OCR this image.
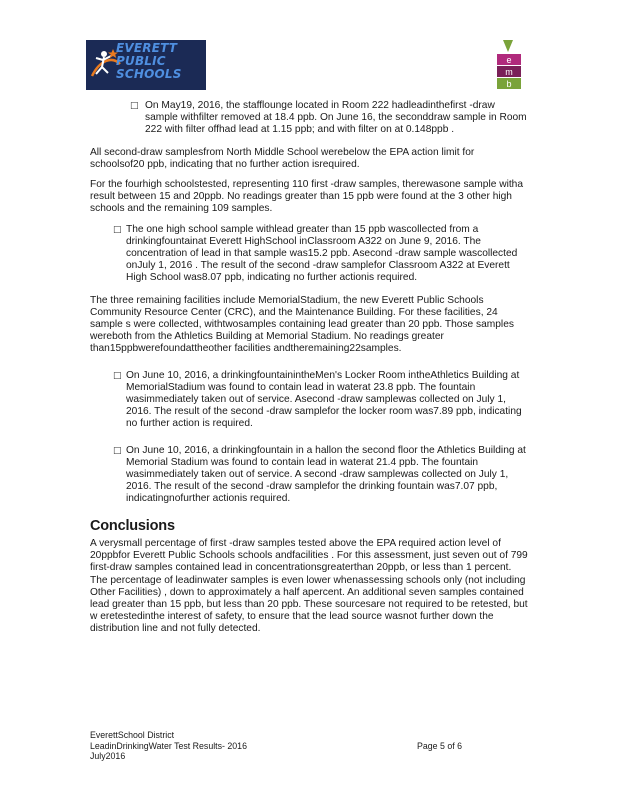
EVERETT
PUBLIC
SCHOOLS
e
m
b
□ On May19, 2016, the stafflounge located in Room 222 hadleadinthefirst -draw sample withfilter removed at 18.4 ppb. On June 16, the seconddraw sample in Room 222 with filter offhad lead at 1.15 ppb; and with filter on at 0.148ppb .

All second-draw samplesfrom North Middle School werebelow the EPA action limit for schoolsof20 ppb, indicating that no further action isrequired.

For the fourhigh schoolstested, representing 110 first -draw samples, therewasone sample witha result between 15 and 20ppb. No readings greater than 15 ppb were found at the 3 other high schools and the remaining 109 samples.

□ The one high school sample withlead greater than 15 ppb wascollected from a drinkingfountainat Everett HighSchool inClassroom A322 on June 9, 2016. The concentration of lead in that sample was15.2 ppb. Asecond -draw sample wascollected onJuly 1, 2016 . The result of the second -draw samplefor Classroom A322 at Everett High School was8.07 ppb, indicating no further actionis required.

The three remaining facilities include MemorialStadium, the new Everett Public Schools Community Resource Center (CRC), and the Maintenance Building. For these facilities, 24 sample s were collected, withtwosamples containing lead greater than 20 ppb. Those samples wereboth from the Athletics Building at Memorial Stadium. No readings greater than15ppbwerefoundattheother facilities andtheremaining22samples.

□ On June 10, 2016, a drinkingfountainintheMen's Locker Room intheAthletics Building at MemorialStadium was found to contain lead in waterat 23.8 ppb. The fountain wasimmediately taken out of service. Asecond -draw samplewas collected on July 1, 2016. The result of the second -draw samplefor the locker room was7.89 ppb, indicating no further action is required.
□ On June 10, 2016, a drinkingfountain in a hallon the second floor the Athletics Building at Memorial Stadium was found to contain lead in waterat 21.4 ppb. The fountain wasimmediately taken out of service. A second -draw samplewas collected on July 1, 2016. The result of the second -draw samplefor the drinking fountain was7.07 ppb, indicatingnofurther actionis required.
Conclusions

A verysmall percentage of first -draw samples tested above the EPA required action level of 20ppbfor Everett Public Schools schools andfacilities . For this assessment, just seven out of 799 first-draw samples contained lead in concentrationsgreaterthan 20ppb, or less than 1 percent. The percentage of leadinwater samples is even lower whenassessing schools only (not including Other Facilities) , down to approximately a half apercent. An additional seven samples contained lead greater than 15 ppb, but less than 20 ppb. These sourcesare not required to be retested, but w eretestedinthe interest of safety, to ensure that the lead source wasnot further down the distribution line and not fully detected.

EverettSchool District
LeadinDrinkingWater Test Results- 2016
July2016
Page 5 of 6
